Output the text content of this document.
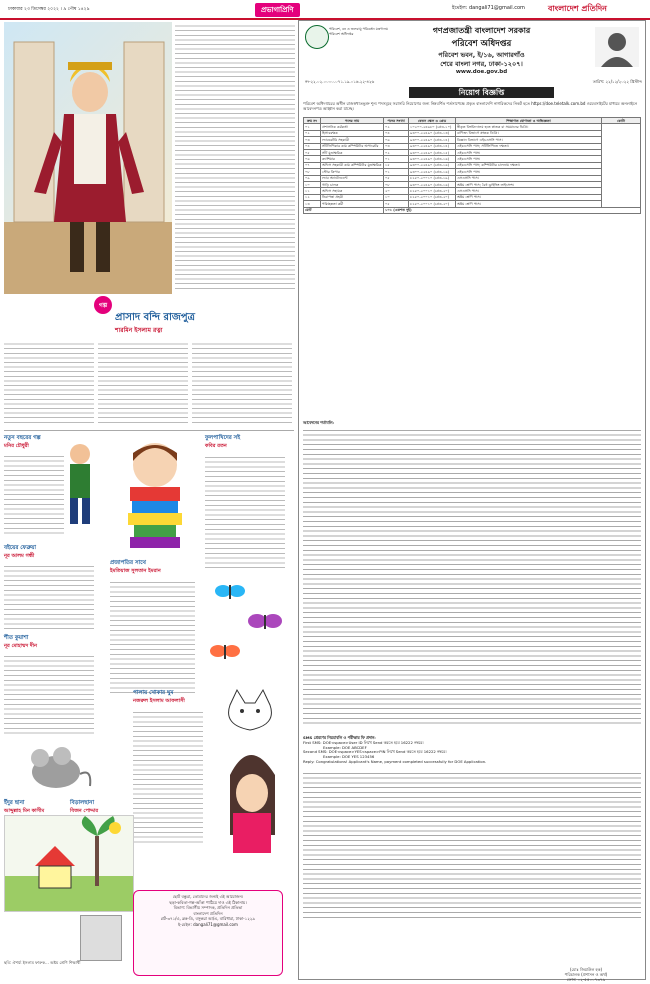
ঢাকাবার ২৩ ডিসেম্বর ২০২২ । ৯ পৌষ ১৪২৯	প্রভাগাপ্রিণি	ইমেইল: dangali71@gmail.com	বাংলাদেশ প্রতিদিন
গল্প
প্রাসাদ বন্দি রাজপুত্র
শারমিন ইসলাম রত্না
নতুন বছরের গল্প
মনির চৌধুরী
ফুলপাখিদের সই
কবির রতন
বইয়ের ফেব্রুয়া
নূর আলম গন্ধী
প্রজাপতির সাথে
ইমতিয়াজ সুলতান ইমরান
শীত কুয়াশা
নূর মোহাম্মদ দীন
ইঁদুর ছানা
আব্দুল্লাহ মিন কাসীম
বিড়ালছানা
বিজন পোদ্দার
পালায় খোকার ঘুম
নজরুল ইসলাম আফলাসী
ছবি: ঐশর্য্য ইসলাম ফারুক... অষ্টম শ্রেণি শিক্ষার্থী
ছোট বন্ধুরা, তোমাদের জন্যই এই আয়োজন।
ছড়া-কবিতা-গল্প-আঁকা পাঠিয়ে দাও এই ঠিকানায়।
বিভাগ: বিভাগীয় সম্পাদক, প্রতিদিন প্রতিভা
বাংলাদেশ প্রতিদিন
প্লট-৩৭১/এ, ব্লক-ডি, বসুন্ধরা আ/এ, বারিধারা, ঢাকা-১২২৯
ই-মেইল: dangali71@gmail.com
পরিবেশ, বন ও জলবায়ু পরিবর্তন মন্ত্রণালয় পরিবেশ অধিদপ্তর	গণপ্রজাতন্ত্রী বাংলাদেশ সরকার
পরিবেশ অধিদপ্তর
পরিবেশ ভবন, ই/১৬, আগারগাঁও
শেরে বাংলা নগর, ঢাকা-১২০৭।
www.doe.gov.bd
নং-২২.০২.০০০০.০৭১.১৯.০১৬.২২-৪২৬	তারিখ: ২২/১২/২০২২ খ্রিস্টাব্দ
নিয়োগ বিজ্ঞপ্তি
পরিবেশ অধিদপ্তরের অধীন রাজস্বখাতভুক্ত শূন্য পদসমূহে সরাসরি নিয়োগের জন্য নিম্নবর্ণিত শর্তসাপেক্ষে প্রকৃত বাংলাদেশি নাগরিকদের নিকট হতে https://doe.teletalk.com.bd ওয়েবসাইটের মাধ্যমে অনলাইনে আবেদনপত্র আহ্বান করা যাচ্ছে।
ক্রম নং	পদের নাম	পদের সংখ্যা	বেতন স্কেল ও গ্রেড	শিক্ষাগত যোগ্যতা ও অভিজ্ঞতা	কোটা
০১	প্রশাসনিক কর্মকর্তা	০২	১০২০০-২৪৬৮০ (গ্রেড-১০)	স্বীকৃত বিশ্ববিদ্যালয় হতে স্নাতক বা সমমানের ডিগ্রি।	
০২	হিসাবরক্ষক	০৪	৯৩০০-২২৪৯০ (গ্রেড-১৩)	বাণিজ্য বিভাগে স্নাতক ডিগ্রি।	
০৩	ল্যাবরেটরি সহকারী	০৬	৯৩০০-২২৪৯০ (গ্রেড-১৪)	বিজ্ঞান বিভাগে এইচএসসি পাস।	
০৪	সাঁটলিপিকার কাম কম্পিউটার অপারেটর	০৩	৯৩০০-২২৪৯০ (গ্রেড-১৪)	এইচএসসি পাস; সাঁটলিপিতে দক্ষতা।	
০৫	সাঁট মুদ্রাক্ষরিক	০২	৯৩০০-২২৪৯০ (গ্রেড-১৫)	এইচএসসি পাস।	
০৬	ক্যাশিয়ার	০১	৯৩০০-২২৪৯০ (গ্রেড-১৬)	এইচএসসি পাস।	
০৭	অফিস সহকারী কাম কম্পিউটার মুদ্রাক্ষরিক	১৫	৯৩০০-২২৪৯০ (গ্রেড-১৬)	এইচএসসি পাস; কম্পিউটার চালনায় দক্ষতা।	
০৮	স্টোর কিপার	০১	৯৩০০-২২৪৯০ (গ্রেড-১৬)	এইচএসসি পাস।	
০৯	ল্যাব অ্যাটেনডেন্ট	০৫	৮২৫০-২০০১০ (গ্রেড-১৯)	এসএসসি পাস।	
১০	গাড়ি চালক	০৮	৯৩০০-২২৪৯০ (গ্রেড-১৬)	অষ্টম শ্রেণি পাস; বৈধ ড্রাইভিং লাইসেন্স।	
১১	অফিস সহায়ক	২০	৮২৫০-২০০১০ (গ্রেড-২০)	এসএসসি পাস।	
১২	নিরাপত্তা প্রহরী	১০	৮২৫০-২০০১০ (গ্রেড-২০)	অষ্টম শ্রেণি পাস।	
১৩	পরিচ্ছন্নতা কর্মী	০৫	৮২৫০-২০০১০ (গ্রেড-২০)	অষ্টম শ্রেণি পাস।	
মোট		১০২ (একশত দুই)			
আবেদনের শর্তাবলি:
SMS প্রেরণের নিয়মাবলি ও পরীক্ষার ফি প্রদান:
First SMS: DOE<space>User ID লিখে Send করতে হবে 16222 নম্বরে।
Example: DOE ABCDEF
Second SMS: DOE<space>YES<space>PIN লিখে Send করতে হবে 16222 নম্বরে।
Example: DOE YES 123456
Reply: Congratulations! Applicant's Name, payment completed successfully for DOE Application.
(মোঃ জিয়াউল হক)
পরিচালক (প্রশাসন ও অর্থ)
ফোন: ০২-৫৫০০৭৩৭৯
